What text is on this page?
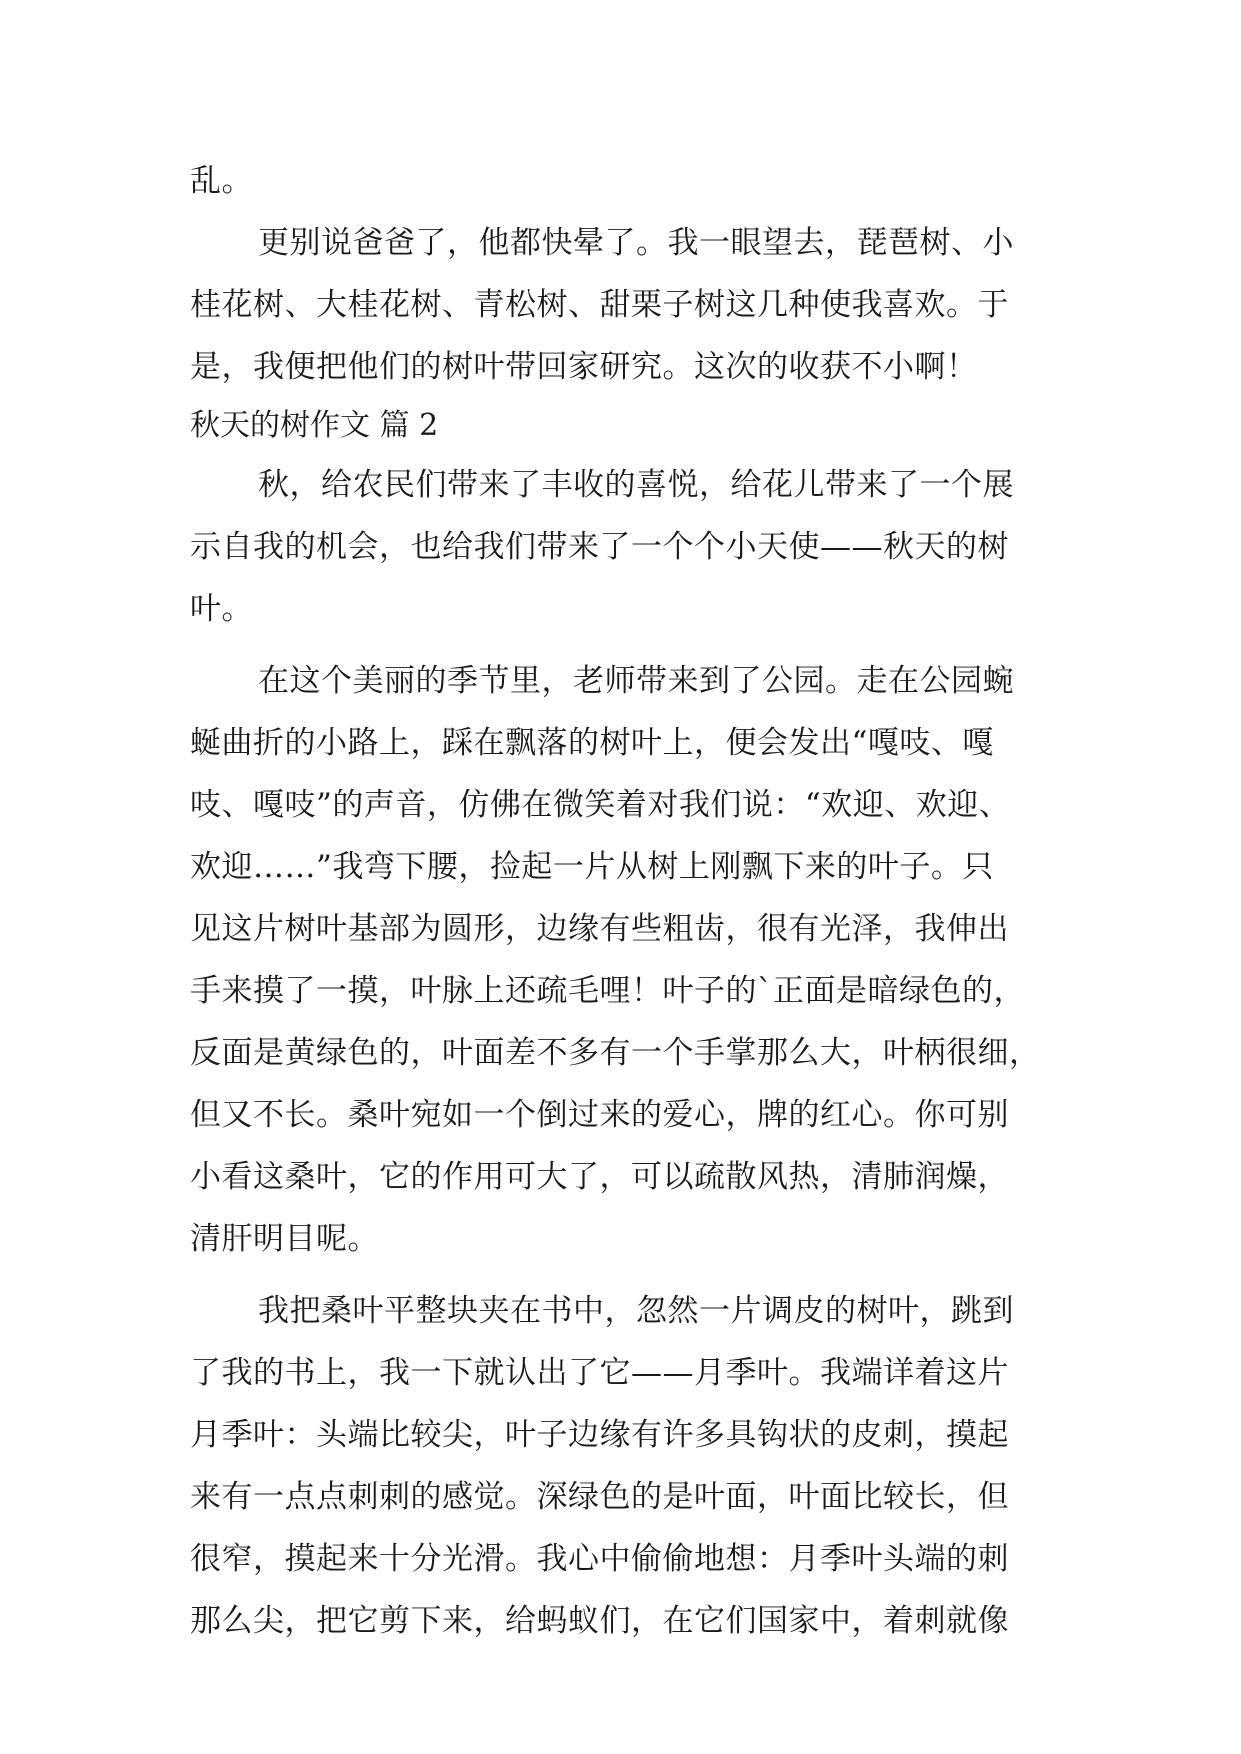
乱。
更别说爸爸了，他都快晕了。我一眼望去，琵琶树、小
桂花树、大桂花树、青松树、甜栗子树这几种使我喜欢。于
是，我便把他们的树叶带回家研究。这次的收获不小啊！
秋天的树作文 篇 2
秋，给农民们带来了丰收的喜悦，给花儿带来了一个展
示自我的机会，也给我们带来了一个个小天使——秋天的树
叶。
在这个美丽的季节里，老师带来到了公园。走在公园蜿
蜒曲折的小路上，踩在飘落的树叶上，便会发出“嘎吱、嘎
吱、嘎吱”的声音，仿佛在微笑着对我们说：“欢迎、欢迎、
欢迎……”我弯下腰，捡起一片从树上刚飘下来的叶子。只
见这片树叶基部为圆形，边缘有些粗齿，很有光泽，我伸出
手来摸了一摸，叶脉上还疏毛哩！叶子的`正面是暗绿色的，
反面是黄绿色的，叶面差不多有一个手掌那么大，叶柄很细，
但又不长。桑叶宛如一个倒过来的爱心，牌的红心。你可别
小看这桑叶，它的作用可大了，可以疏散风热，清肺润燥，
清肝明目呢。
我把桑叶平整块夹在书中，忽然一片调皮的树叶，跳到
了我的书上，我一下就认出了它——月季叶。我端详着这片
月季叶：头端比较尖，叶子边缘有许多具钩状的皮刺，摸起
来有一点点刺刺的感觉。深绿色的是叶面，叶面比较长，但
很窄，摸起来十分光滑。我心中偷偷地想：月季叶头端的刺
那么尖，把它剪下来，给蚂蚁们，在它们国家中，着刺就像
